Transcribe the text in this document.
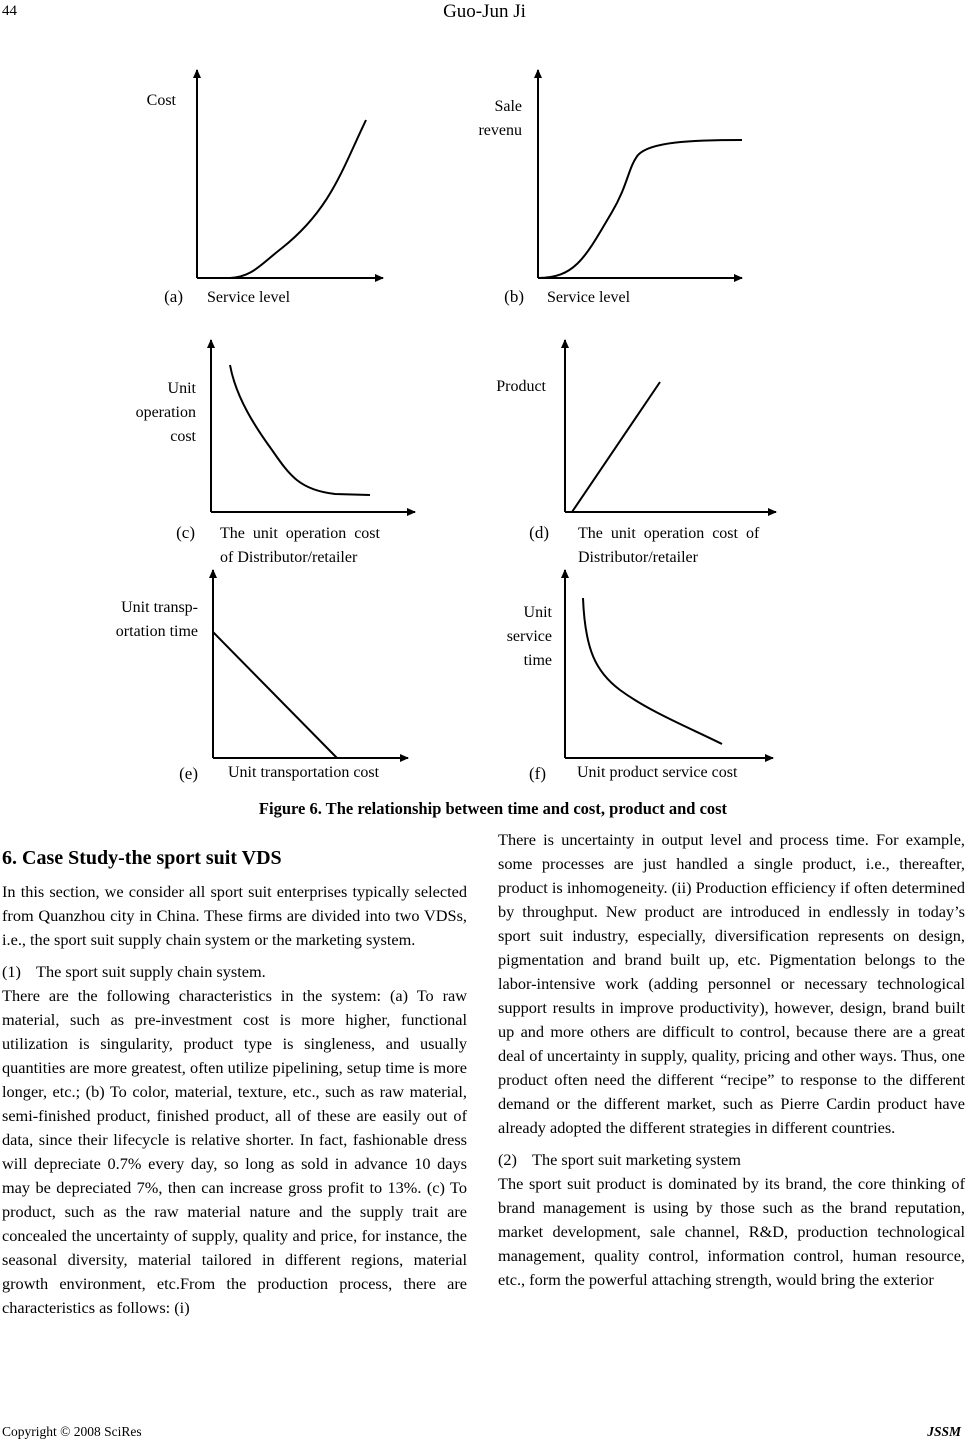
44	Guo-Jun Ji
Cost
(a) Service level
Sale revenu
(b) Service level
Unit operation cost
(c) The  unit  operation  cost of Distributor/retailer
Product
(d) The  unit  operation  cost  of Distributor/retailer
Unit transp-ortation time
(e) Unit transportation cost
Unit service time
(f) Unit product service cost
Figure 6. The relationship between time and cost, product and cost
6. Case Study-the sport suit VDS

In this section, we consider all sport suit enterprises typically selected from Quanzhou city in China. These firms are divided into two VDSs, i.e., the sport suit supply chain system or the marketing system.

(1) The sport suit supply chain system.

There are the following characteristics in the system: (a) To raw material, such as pre-investment cost is more higher, functional utilization is singularity, product type is singleness, and usually quantities are more greatest, often utilize pipelining, setup time is more longer, etc.; (b) To color, material, texture, etc., such as raw material, semi-finished product, finished product, all of these are easily out of data, since their lifecycle is relative shorter. In fact, fashionable dress will depreciate 0.7% every day, so long as sold in advance 10 days may be depreciated 7%, then can increase gross profit to 13%. (c) To product, such as the raw material nature and the supply trait are concealed the uncertainty of supply, quality and price, for instance, the seasonal diversity, material tailored in different regions, material growth environment, etc.From the production process, there are characteristics as follows: (i)

There is uncertainty in output level and process time. For example, some processes are just handled a single product, i.e., thereafter, product is inhomogeneity. (ii) Production efficiency if often determined by throughput. New product are introduced in endlessly in today’s sport suit industry, especially, diversification represents on design, pigmentation and brand built up, etc. Pigmentation belongs to the labor-intensive work (adding personnel or necessary technological support results in improve productivity), however, design, brand built up and more others are difficult to control, because there are a great deal of uncertainty in supply, quality, pricing and other ways. Thus, one product often need the different “recipe” to response to the different demand or the different market, such as Pierre Cardin product have already adopted the different strategies in different countries.

(2) The sport suit marketing system

The sport suit product is dominated by its brand, the core thinking of brand management is using by those such as the brand reputation, market development, sale channel, R&D, production technological management, quality control, information control, human resource, etc., form the powerful attaching strength, would bring the exterior

Copyright © 2008 SciRes	JSSM
